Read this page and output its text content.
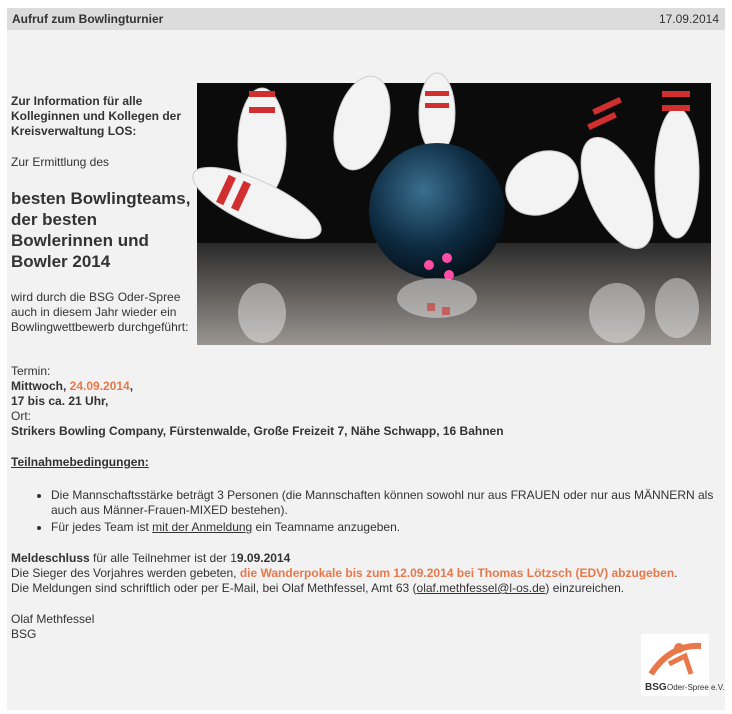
Aufruf zum Bowlingturnier	17.09.2014

Zur Information für alle Kolleginnen und Kollegen der Kreisverwaltung LOS:

Zur Ermittlung des

besten Bowlingteams, der besten Bowlerinnen und Bowler 2014

wird durch die BSG Oder-Spree auch in diesem Jahr wieder ein Bowlingwettbewerb durchgeführt:

Termin:

Mittwoch, 24.09.2014,

17 bis ca. 21 Uhr,

Ort:

Strikers Bowling Company, Fürstenwalde, Große Freizeit 7, Nähe Schwapp, 16 Bahnen

Teilnahmebedingungen:

• Die Mannschaftsstärke beträgt 3 Personen (die Mannschaften können sowohl nur aus FRAUEN oder nur aus MÄNNERN als auch aus Männer-Frauen-MIXED bestehen).
• Für jedes Team ist mit der Anmeldung ein Teamname anzugeben.

Meldeschluss für alle Teilnehmer ist der 19.09.2014

Die Sieger des Vorjahres werden gebeten, die Wanderpokale bis zum 12.09.2014 bei Thomas Lötzsch (EDV) abzugeben.

Die Meldungen sind schriftlich oder per E-Mail, bei Olaf Methfessel, Amt 63 (olaf.methfessel@l-os.de) einzureichen.

Olaf Methfessel

BSG

BSG Oder-Spree e.V.
